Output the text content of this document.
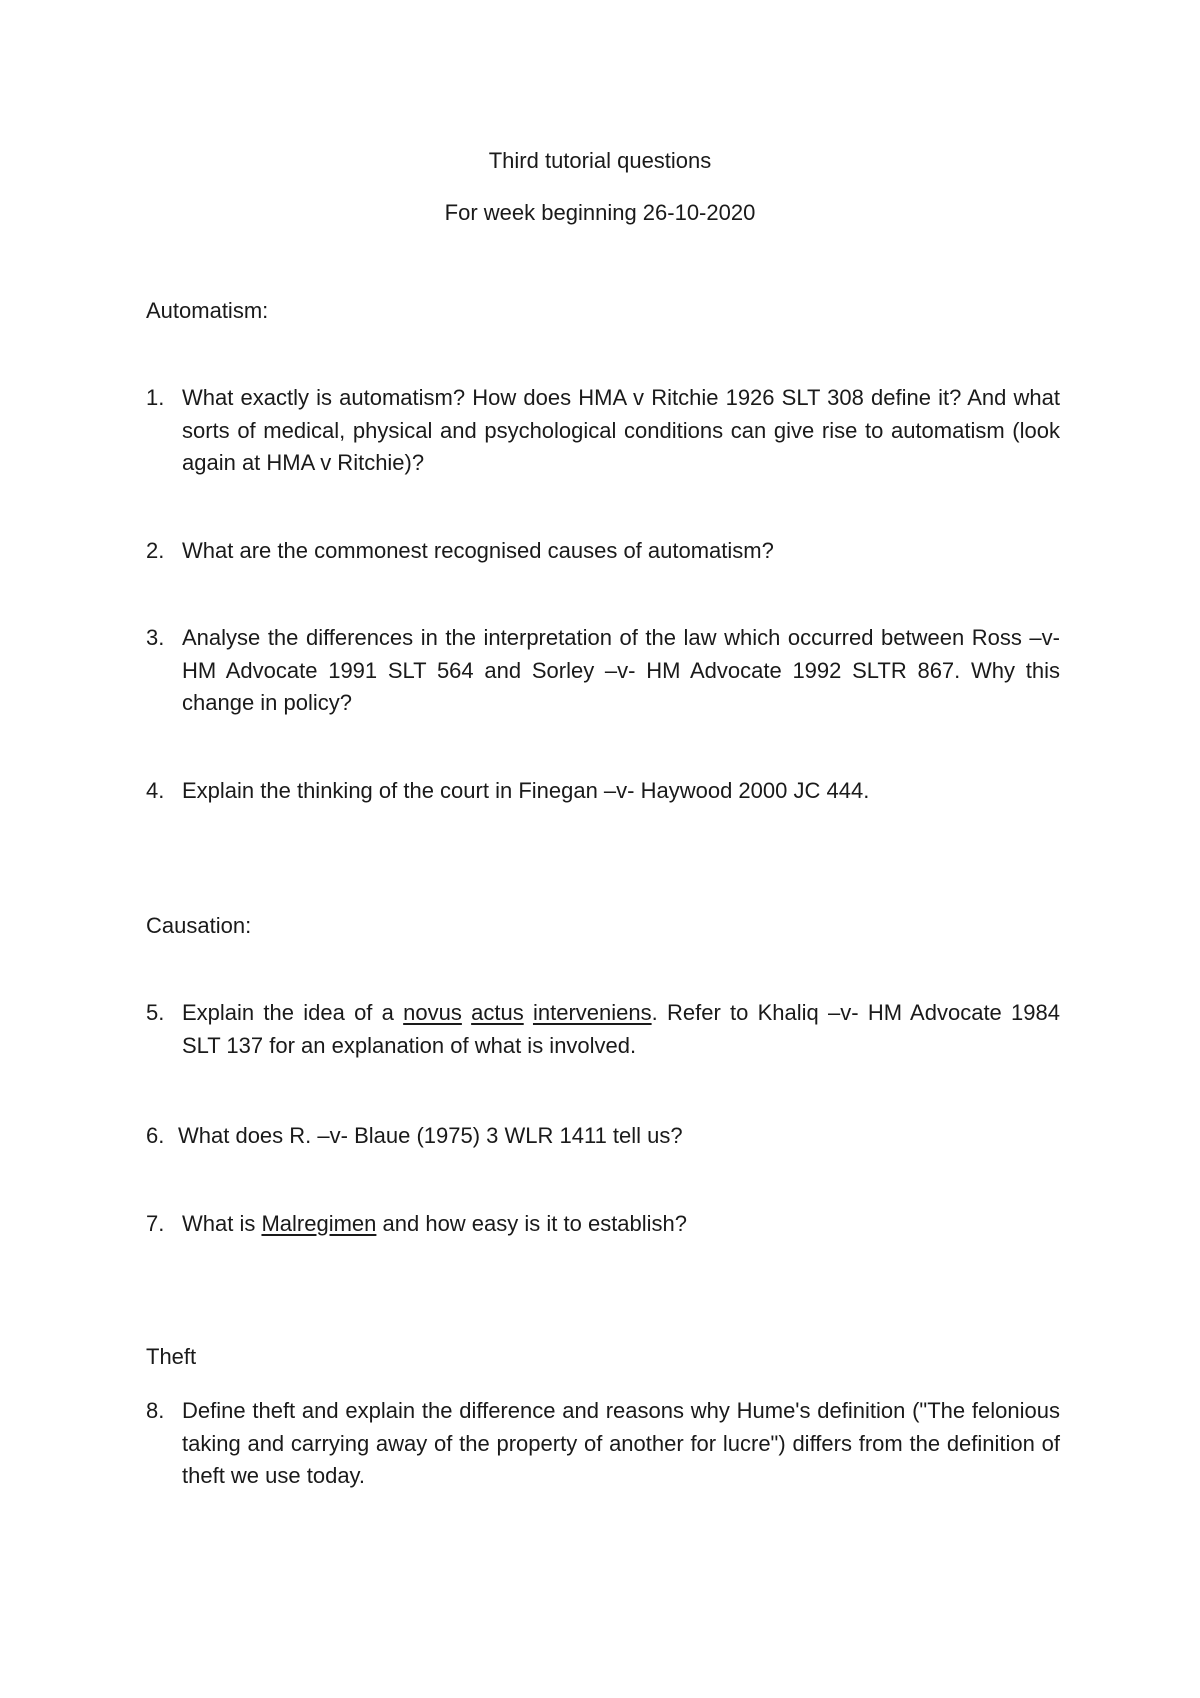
Third tutorial questions
For week beginning 26-10-2020
Automatism:
1. What exactly is automatism? How does HMA v Ritchie 1926 SLT 308 define it? And what sorts of medical, physical and psychological conditions can give rise to automatism (look again at HMA v Ritchie)?
2. What are the commonest recognised causes of automatism?
3. Analyse the differences in the interpretation of the law which occurred between Ross –v- HM Advocate 1991 SLT 564 and Sorley –v- HM Advocate 1992 SLTR 867. Why this change in policy?
4. Explain the thinking of the court in Finegan –v- Haywood 2000 JC 444.
Causation:
5. Explain the idea of a novus actus interveniens. Refer to Khaliq –v- HM Advocate 1984 SLT 137 for an explanation of what is involved.
6. What does R. –v- Blaue (1975) 3 WLR 1411 tell us?
7. What is Malregimen and how easy is it to establish?
Theft
8. Define theft and explain the difference and reasons why Hume's definition ("The felonious taking and carrying away of the property of another for lucre") differs from the definition of theft we use today.
